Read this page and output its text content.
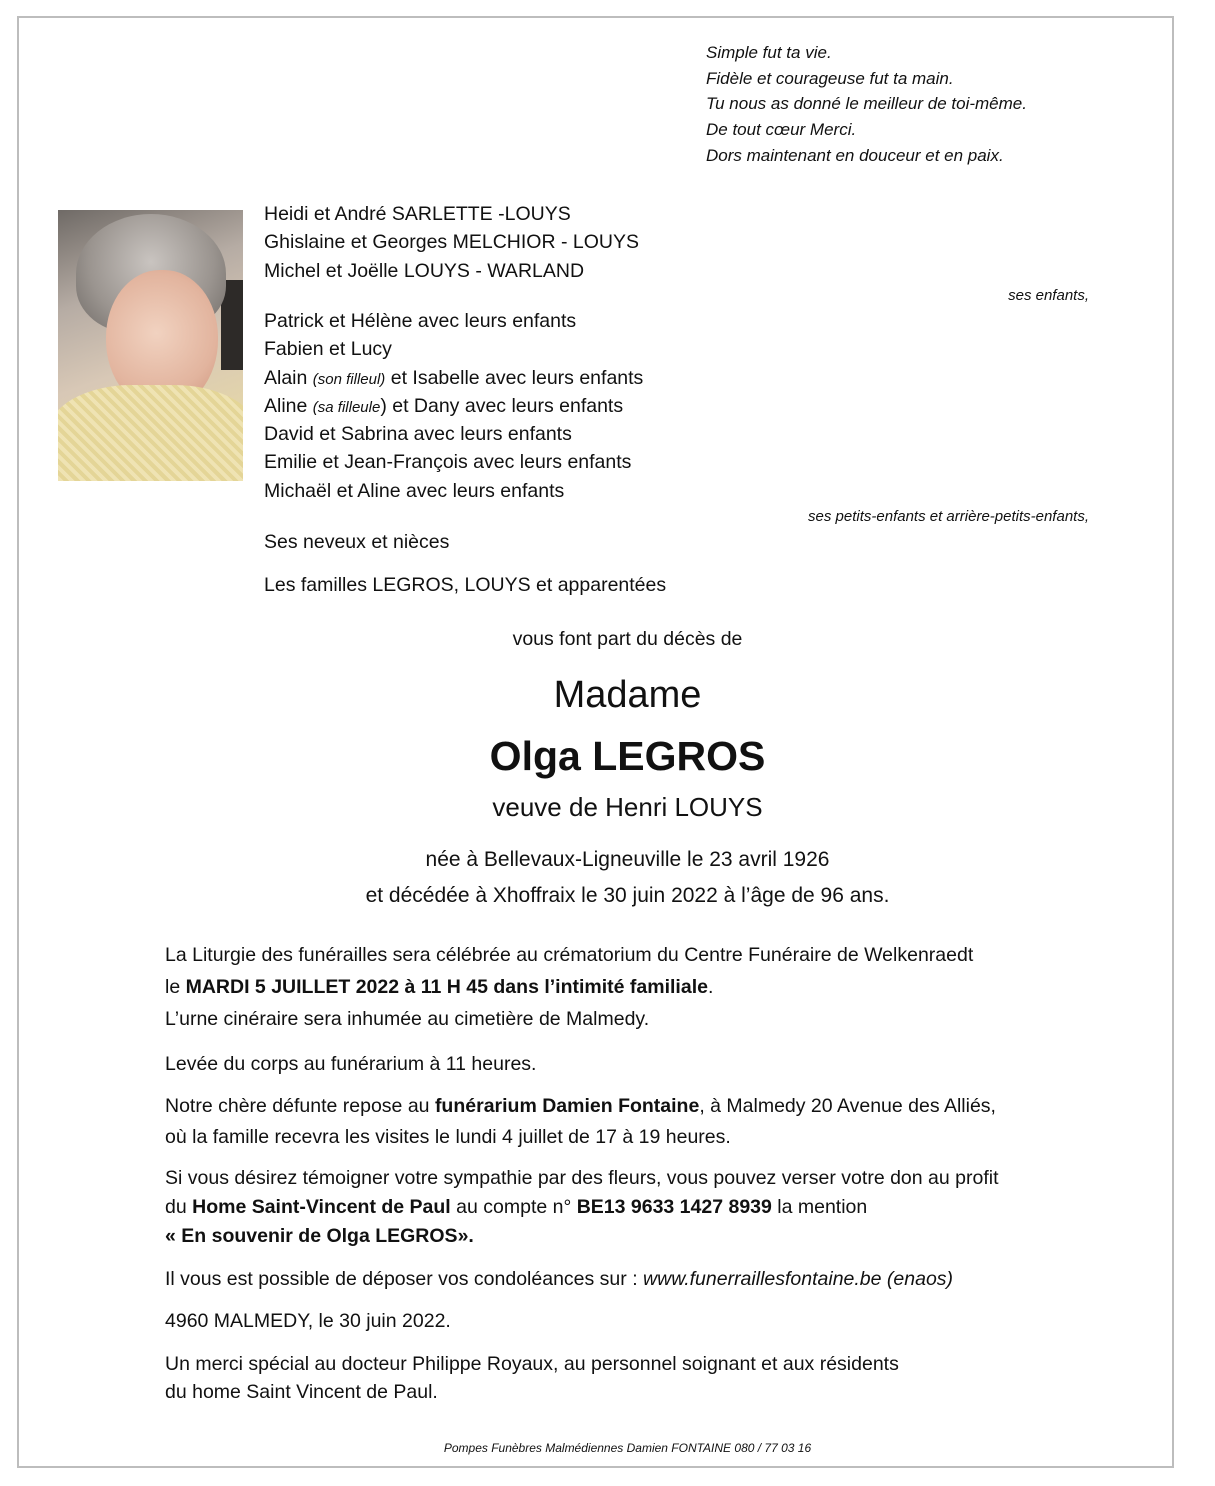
Simple fut ta vie.
Fidèle et courageuse fut ta main.
Tu nous as donné le meilleur de toi-même.
De tout cœur Merci.
Dors maintenant en douceur et en paix.
Heidi et André SARLETTE -LOUYS
Ghislaine et Georges MELCHIOR - LOUYS
Michel et Joëlle LOUYS - WARLAND
ses enfants,
Patrick et Hélène avec leurs enfants
Fabien et Lucy
Alain (son filleul) et Isabelle avec leurs enfants
Aline (sa filleule) et Dany avec leurs enfants
David et Sabrina avec leurs enfants
Emilie et Jean-François avec leurs enfants
Michaël et Aline avec leurs enfants
ses petits-enfants et arrière-petits-enfants,
Ses neveux et nièces
Les familles LEGROS, LOUYS et apparentées
vous font part du décès de
Madame
Olga LEGROS
veuve de Henri LOUYS
née à Bellevaux-Ligneuville le 23 avril 1926
et décédée à Xhoffraix le 30 juin 2022 à l’âge de 96 ans.
La Liturgie des funérailles sera célébrée au crématorium du Centre Funéraire de Welkenraedt
le MARDI 5 JUILLET 2022 à 11 H 45 dans l’intimité familiale.
L’urne cinéraire sera inhumée au cimetière de Malmedy.
Levée du corps au funérarium à 11 heures.
Notre chère défunte repose au funérarium Damien Fontaine, à Malmedy 20 Avenue des Alliés,
où la famille recevra les visites le lundi 4 juillet de 17 à 19 heures.
Si vous désirez témoigner votre sympathie par des fleurs, vous pouvez verser votre don au profit
du Home Saint-Vincent de Paul au compte n° BE13 9633 1427 8939 la mention
« En souvenir de Olga LEGROS».
Il vous est possible de déposer vos condoléances sur : www.funerraillesfontaine.be (enaos)
4960 MALMEDY, le 30 juin 2022.
Un merci spécial au docteur Philippe Royaux, au personnel soignant et aux résidents
du home Saint Vincent de Paul.
Pompes Funèbres Malmédiennes Damien FONTAINE 080 / 77 03 16
